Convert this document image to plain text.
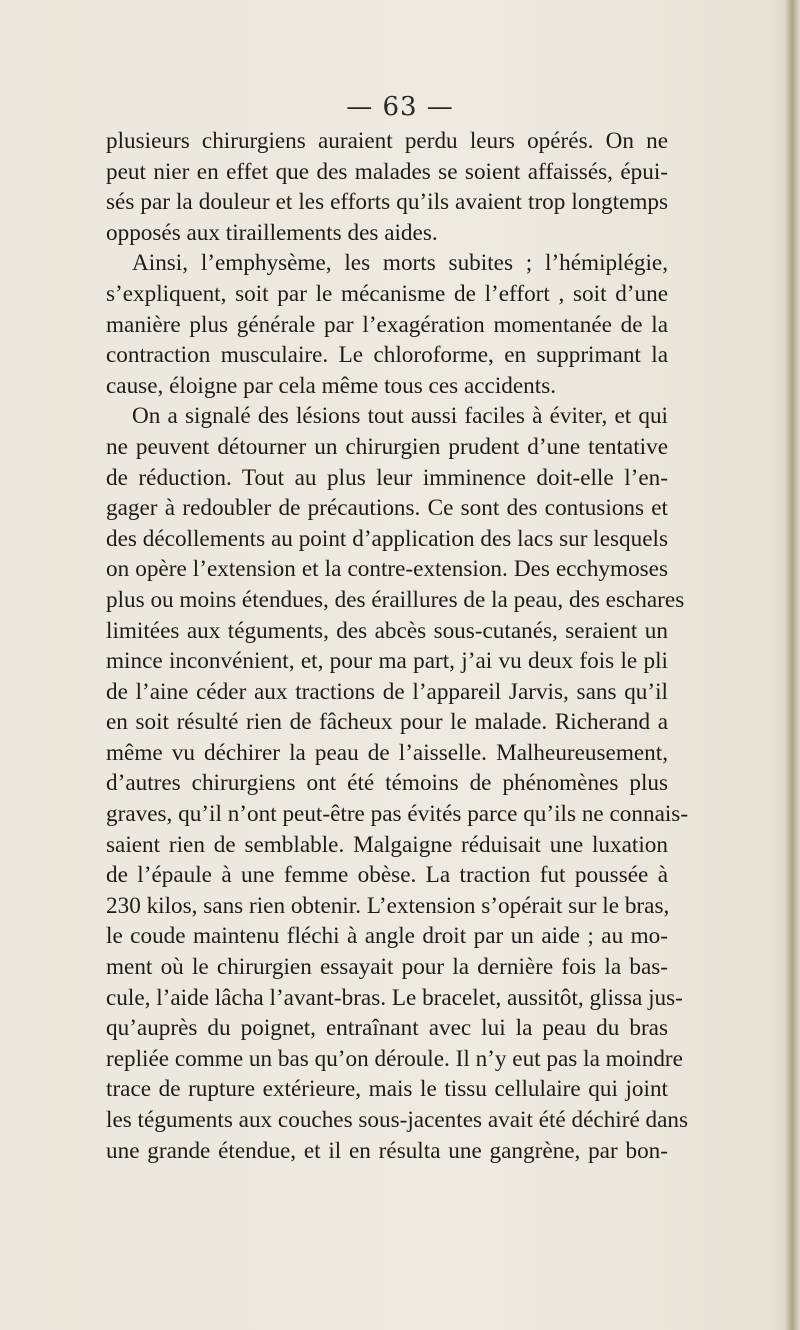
— 63 —
plusieurs chirurgiens auraient perdu leurs opérés. On ne
peut nier en effet que des malades se soient affaissés, épui-
sés par la douleur et les efforts qu’ils avaient trop longtemps
opposés aux tiraillements des aides.
Ainsi, l’emphysème, les morts subites ; l’hémiplégie,
s’expliquent, soit par le mécanisme de l’effort , soit d’une
manière plus générale par l’exagération momentanée de la
contraction musculaire. Le chloroforme, en supprimant la
cause, éloigne par cela même tous ces accidents.
On a signalé des lésions tout aussi faciles à éviter, et qui
ne peuvent détourner un chirurgien prudent d’une tentative
de réduction. Tout au plus leur imminence doit-elle l’en-
gager à redoubler de précautions. Ce sont des contusions et
des décollements au point d’application des lacs sur lesquels
on opère l’extension et la contre-extension. Des ecchymoses
plus ou moins étendues, des éraillures de la peau, des eschares
limitées aux téguments, des abcès sous-cutanés, seraient un
mince inconvénient, et, pour ma part, j’ai vu deux fois le pli
de l’aine céder aux tractions de l’appareil Jarvis, sans qu’il
en soit résulté rien de fâcheux pour le malade. Richerand a
même vu déchirer la peau de l’aisselle. Malheureusement,
d’autres chirurgiens ont été témoins de phénomènes plus
graves, qu’il n’ont peut-être pas évités parce qu’ils ne connais-
saient rien de semblable. Malgaigne réduisait une luxation
de l’épaule à une femme obèse. La traction fut poussée à
230 kilos, sans rien obtenir. L’extension s’opérait sur le bras,
le coude maintenu fléchi à angle droit par un aide ; au mo-
ment où le chirurgien essayait pour la dernière fois la bas-
cule, l’aide lâcha l’avant-bras. Le bracelet, aussitôt, glissa jus-
qu’auprès du poignet, entraînant avec lui la peau du bras
repliée comme un bas qu’on déroule. Il n’y eut pas la moindre
trace de rupture extérieure, mais le tissu cellulaire qui joint
les téguments aux couches sous-jacentes avait été déchiré dans
une grande étendue, et il en résulta une gangrène, par bon-
